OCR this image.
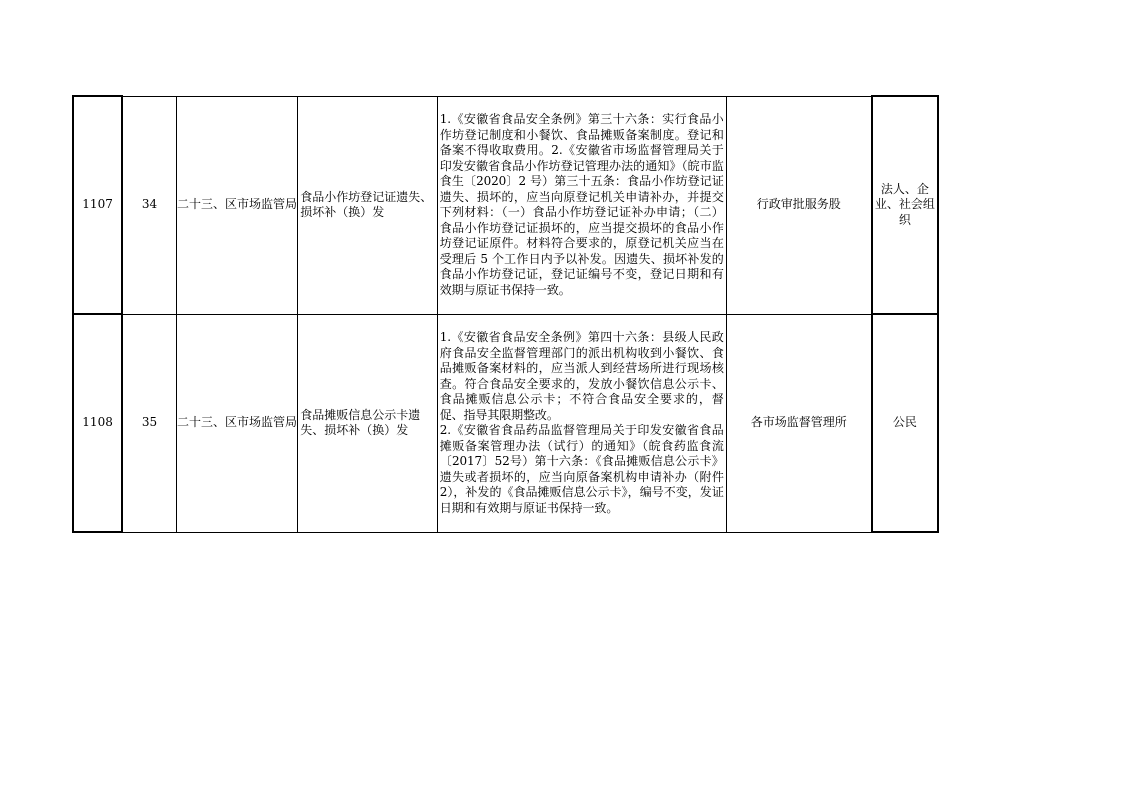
1107	34	二十三、区市场监管局	食品小作坊登记证遗失、损坏补（换）发	1.《安徽省食品安全条例》第三十六条：实行食品小作坊登记制度和小餐饮、食品摊贩备案制度。登记和备案不得收取费用。2.《安徽省市场监督管理局关于印发安徽省食品小作坊登记管理办法的通知》（皖市监食生〔2020〕2 号）第三十五条：食品小作坊登记证遗失、损坏的，应当向原登记机关申请补办，并提交下列材料：（一）食品小作坊登记证补办申请；（二）食品小作坊登记证损坏的，应当提交损坏的食品小作坊登记证原件。材料符合要求的，原登记机关应当在受理后 5 个工作日内予以补发。因遗失、损坏补发的食品小作坊登记证，登记证编号不变，登记日期和有效期与原证书保持一致。	行政审批服务股	法人、企业、社会组织
1108	35	二十三、区市场监管局	食品摊贩信息公示卡遗失、损坏补（换）发	1.《安徽省食品安全条例》第四十六条：县级人民政府食品安全监督管理部门的派出机构收到小餐饮、食品摊贩备案材料的，应当派人到经营场所进行现场核查。符合食品安全要求的，发放小餐饮信息公示卡、食品摊贩信息公示卡；不符合食品安全要求的，督促、指导其限期整改。
2.《安徽省食品药品监督管理局关于印发安徽省食品摊贩备案管理办法（试行）的通知》（皖食药监食流〔2017〕52号）第十六条：《食品摊贩信息公示卡》遗失或者损坏的，应当向原备案机构申请补办（附件2），补发的《食品摊贩信息公示卡》，编号不变，发证日期和有效期与原证书保持一致。	各市场监督管理所	公民
